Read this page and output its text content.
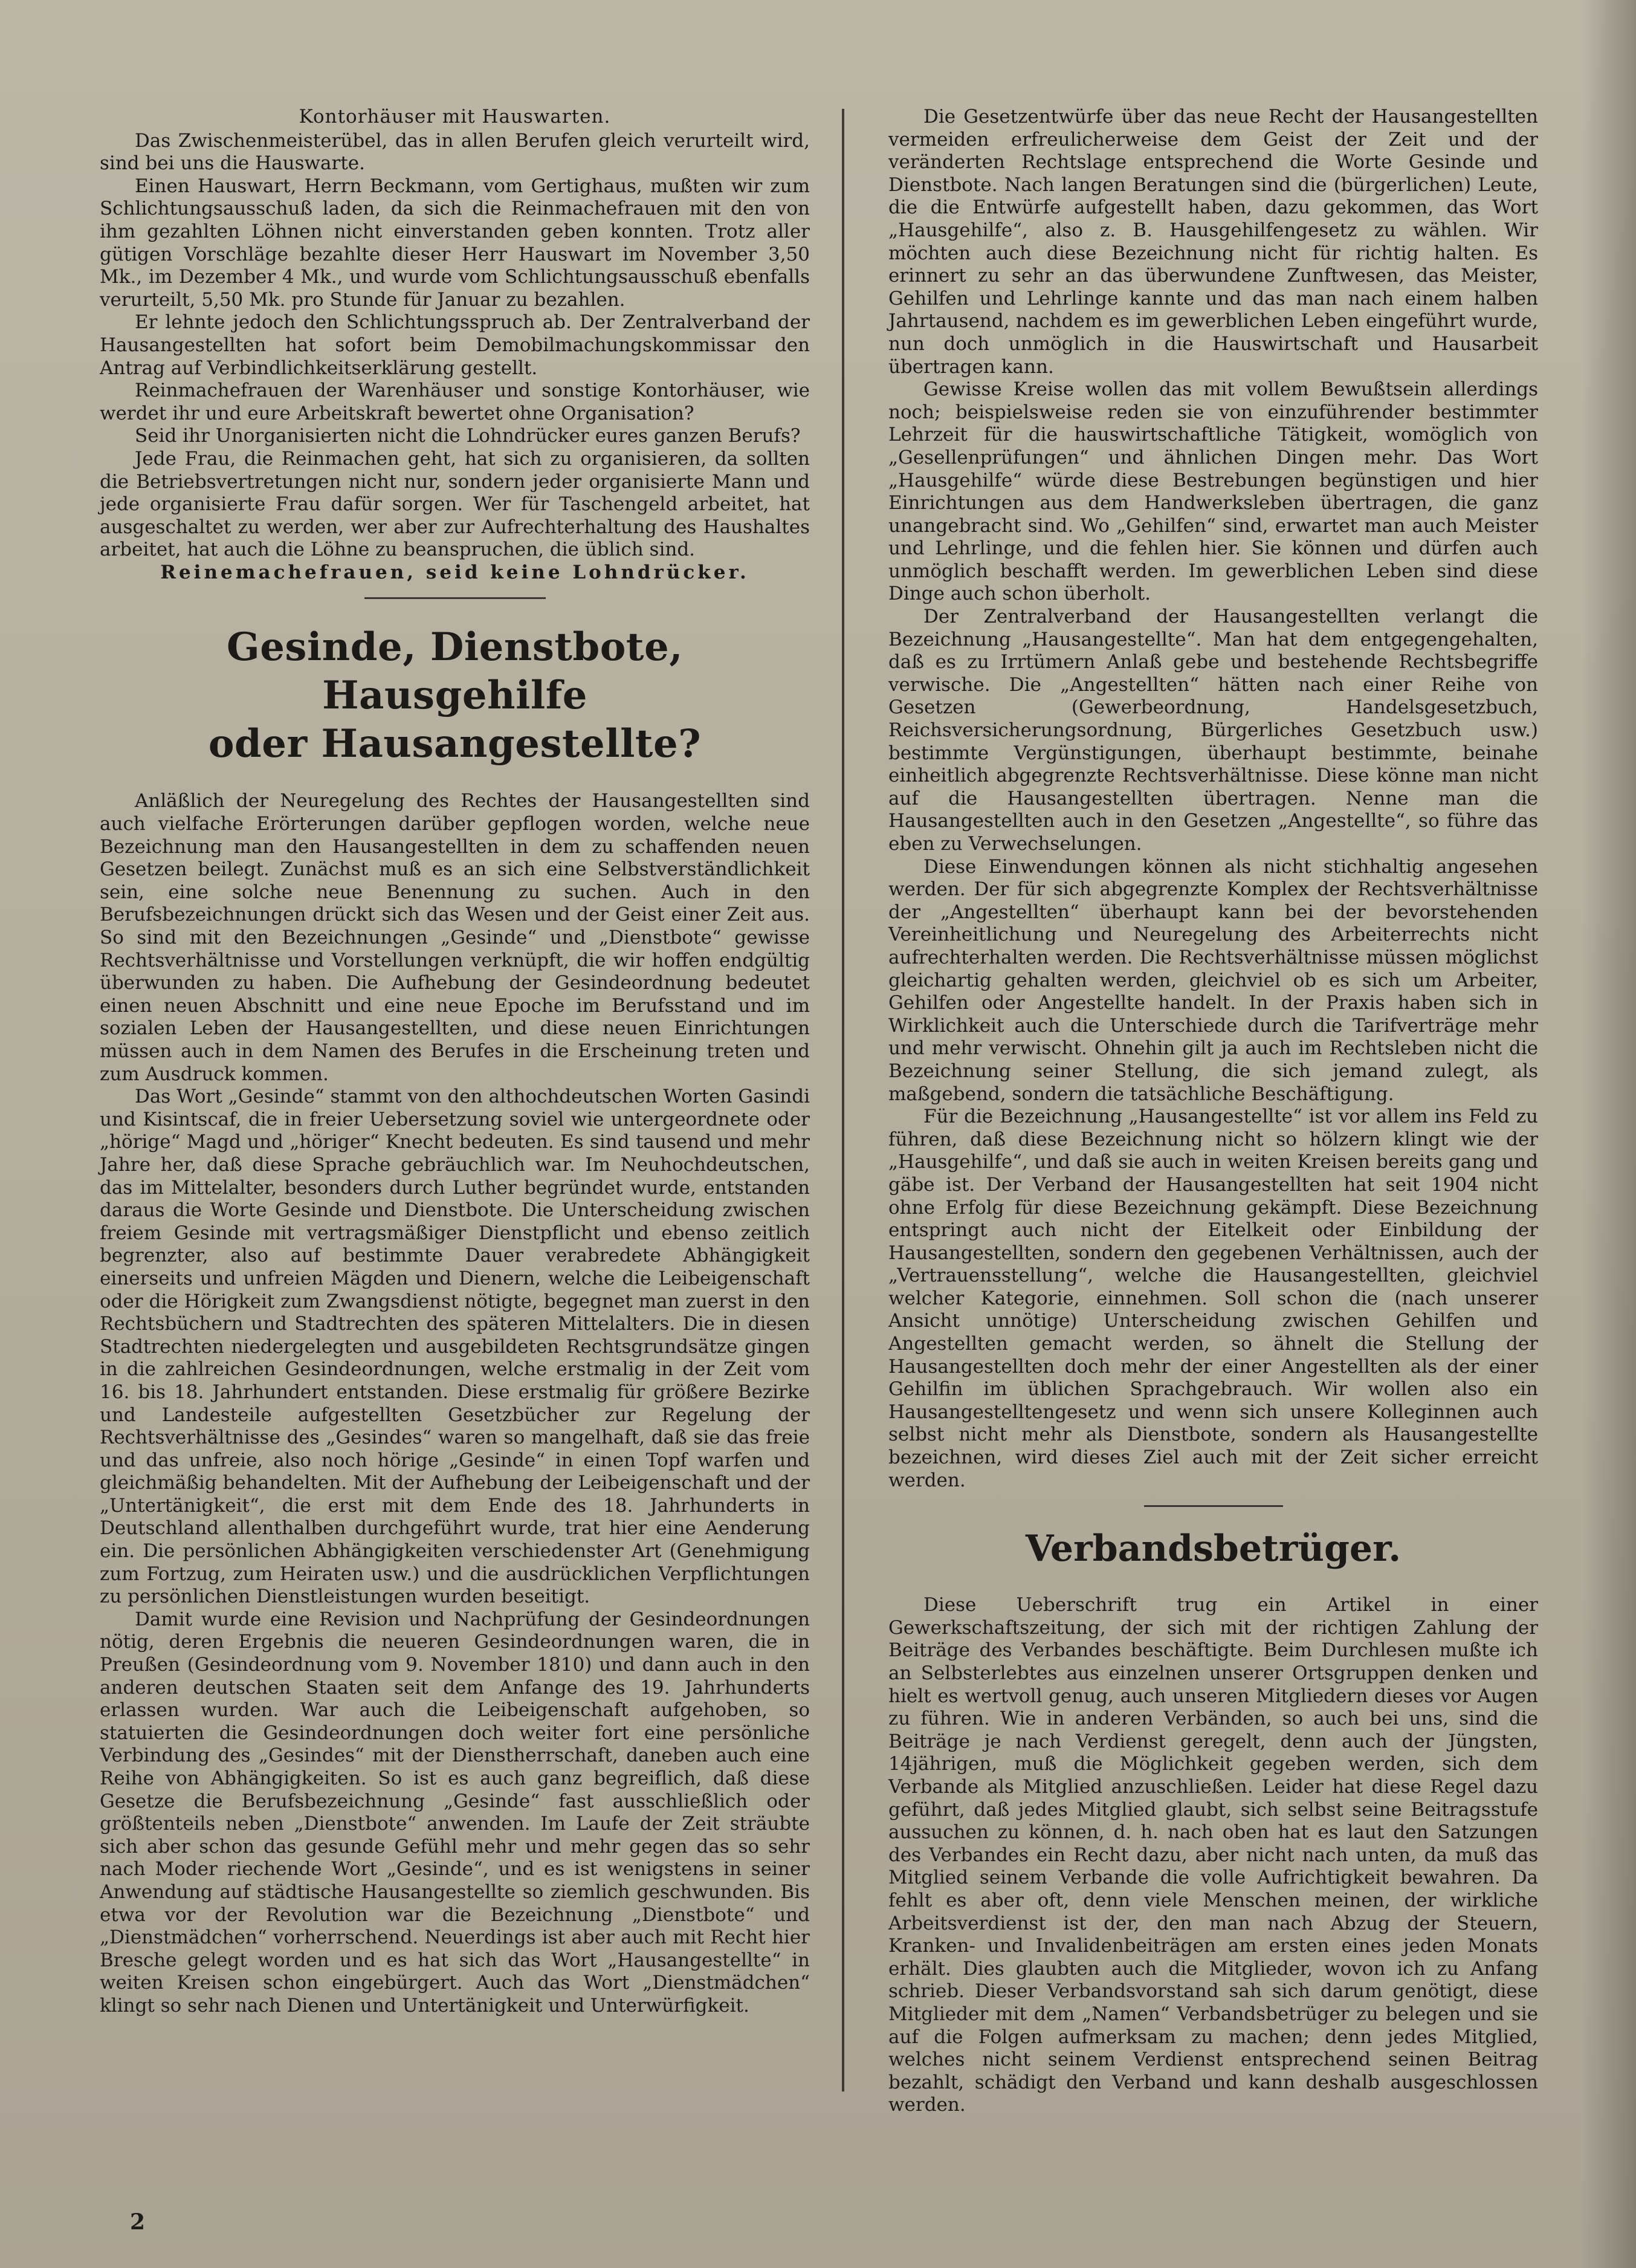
Kontorhäuser mit Hauswarten.

Das Zwischenmeisterübel, das in allen Berufen gleich verurteilt wird, sind bei uns die Hauswarte.

Einen Hauswart, Herrn Beckmann, vom Gertighaus, mußten wir zum Schlichtungsausschuß laden, da sich die Reinmachefrauen mit den von ihm gezahlten Löhnen nicht einverstanden geben konnten. Trotz aller gütigen Vorschläge bezahlte dieser Herr Hauswart im November 3,50 Mk., im Dezember 4 Mk., und wurde vom Schlichtungsausschuß ebenfalls verurteilt, 5,50 Mk. pro Stunde für Januar zu bezahlen.

Er lehnte jedoch den Schlichtungsspruch ab. Der Zentralverband der Hausangestellten hat sofort beim Demobilmachungskommissar den Antrag auf Verbindlichkeitserklärung gestellt.

Reinmachefrauen der Warenhäuser und sonstige Kontorhäuser, wie werdet ihr und eure Arbeitskraft bewertet ohne Organisation?

Seid ihr Unorganisierten nicht die Lohndrücker eures ganzen Berufs?

Jede Frau, die Reinmachen geht, hat sich zu organisieren, da sollten die Betriebsvertretungen nicht nur, sondern jeder organisierte Mann und jede organisierte Frau dafür sorgen. Wer für Taschengeld arbeitet, hat ausgeschaltet zu werden, wer aber zur Aufrechterhaltung des Haushaltes arbeitet, hat auch die Löhne zu beanspruchen, die üblich sind.

Reinemachefrauen, seid keine Lohndrücker.

Gesinde, Dienstbote, Hausgehilfe
oder Hausangestellte?

Anläßlich der Neuregelung des Rechtes der Hausangestellten sind auch vielfache Erörterungen darüber gepflogen worden, welche neue Bezeichnung man den Hausangestellten in dem zu schaffenden neuen Gesetzen beilegt. Zunächst muß es an sich eine Selbstverständlichkeit sein, eine solche neue Benennung zu suchen. Auch in den Berufsbezeichnungen drückt sich das Wesen und der Geist einer Zeit aus. So sind mit den Bezeichnungen „Gesinde“ und „Dienstbote“ gewisse Rechtsverhältnisse und Vorstellungen verknüpft, die wir hoffen endgültig überwunden zu haben. Die Aufhebung der Gesindeordnung bedeutet einen neuen Abschnitt und eine neue Epoche im Berufsstand und im sozialen Leben der Hausangestellten, und diese neuen Einrichtungen müssen auch in dem Namen des Berufes in die Erscheinung treten und zum Ausdruck kommen.

Das Wort „Gesinde“ stammt von den althochdeutschen Worten Gasindi und Kisintscaf, die in freier Uebersetzung soviel wie untergeordnete oder „hörige“ Magd und „höriger“ Knecht bedeuten. Es sind tausend und mehr Jahre her, daß diese Sprache gebräuchlich war. Im Neuhochdeutschen, das im Mittelalter, besonders durch Luther begründet wurde, entstanden daraus die Worte Gesinde und Dienstbote. Die Unterscheidung zwischen freiem Gesinde mit vertragsmäßiger Dienstpflicht und ebenso zeitlich begrenzter, also auf bestimmte Dauer verabredete Abhängigkeit einerseits und unfreien Mägden und Dienern, welche die Leibeigenschaft oder die Hörigkeit zum Zwangsdienst nötigte, begegnet man zuerst in den Rechtsbüchern und Stadtrechten des späteren Mittelalters. Die in diesen Stadtrechten niedergelegten und ausgebildeten Rechtsgrundsätze gingen in die zahlreichen Gesindeordnungen, welche erstmalig in der Zeit vom 16. bis 18. Jahrhundert entstanden. Diese erstmalig für größere Bezirke und Landesteile aufgestellten Gesetzbücher zur Regelung der Rechtsverhältnisse des „Gesindes“ waren so mangelhaft, daß sie das freie und das unfreie, also noch hörige „Gesinde“ in einen Topf warfen und gleichmäßig behandelten. Mit der Aufhebung der Leibeigenschaft und der „Untertänigkeit“, die erst mit dem Ende des 18. Jahrhunderts in Deutschland allenthalben durchgeführt wurde, trat hier eine Aenderung ein. Die persönlichen Abhängigkeiten verschiedenster Art (Genehmigung zum Fortzug, zum Heiraten usw.) und die ausdrücklichen Verpflichtungen zu persönlichen Dienstleistungen wurden beseitigt.

Damit wurde eine Revision und Nachprüfung der Gesindeordnungen nötig, deren Ergebnis die neueren Gesindeordnungen waren, die in Preußen (Gesindeordnung vom 9. November 1810) und dann auch in den anderen deutschen Staaten seit dem Anfange des 19. Jahrhunderts erlassen wurden. War auch die Leibeigenschaft aufgehoben, so statuierten die Gesindeordnungen doch weiter fort eine persönliche Verbindung des „Gesindes“ mit der Dienstherrschaft, daneben auch eine Reihe von Abhängigkeiten. So ist es auch ganz begreiflich, daß diese Gesetze die Berufsbezeichnung „Gesinde“ fast ausschließlich oder größtenteils neben „Dienstbote“ anwenden. Im Laufe der Zeit sträubte sich aber schon das gesunde Gefühl mehr und mehr gegen das so sehr nach Moder riechende Wort „Gesinde“, und es ist wenigstens in seiner Anwendung auf städtische Hausangestellte so ziemlich geschwunden. Bis etwa vor der Revolution war die Bezeichnung „Dienstbote“ und „Dienstmädchen“ vorherrschend. Neuerdings ist aber auch mit Recht hier Bresche gelegt worden und es hat sich das Wort „Hausangestellte“ in weiten Kreisen schon eingebürgert. Auch das Wort „Dienstmädchen“ klingt so sehr nach Dienen und Untertänigkeit und Unterwürfigkeit.

Die Gesetzentwürfe über das neue Recht der Hausangestellten vermeiden erfreulicherweise dem Geist der Zeit und der veränderten Rechtslage entsprechend die Worte Gesinde und Dienstbote. Nach langen Beratungen sind die (bürgerlichen) Leute, die die Entwürfe aufgestellt haben, dazu gekommen, das Wort „Hausgehilfe“, also z. B. Hausgehilfengesetz zu wählen. Wir möchten auch diese Bezeichnung nicht für richtig halten. Es erinnert zu sehr an das überwundene Zunftwesen, das Meister, Gehilfen und Lehrlinge kannte und das man nach einem halben Jahrtausend, nachdem es im gewerblichen Leben eingeführt wurde, nun doch unmöglich in die Hauswirtschaft und Hausarbeit übertragen kann.

Gewisse Kreise wollen das mit vollem Bewußtsein allerdings noch; beispielsweise reden sie von einzuführender bestimmter Lehrzeit für die hauswirtschaftliche Tätigkeit, womöglich von „Gesellenprüfungen“ und ähnlichen Dingen mehr. Das Wort „Hausgehilfe“ würde diese Bestrebungen begünstigen und hier Einrichtungen aus dem Handwerksleben übertragen, die ganz unangebracht sind. Wo „Gehilfen“ sind, erwartet man auch Meister und Lehrlinge, und die fehlen hier. Sie können und dürfen auch unmöglich beschafft werden. Im gewerblichen Leben sind diese Dinge auch schon überholt.

Der Zentralverband der Hausangestellten verlangt die Bezeichnung „Hausangestellte“. Man hat dem entgegengehalten, daß es zu Irrtümern Anlaß gebe und bestehende Rechtsbegriffe verwische. Die „Angestellten“ hätten nach einer Reihe von Gesetzen (Gewerbeordnung, Handelsgesetzbuch, Reichsversicherungsordnung, Bürgerliches Gesetzbuch usw.) bestimmte Vergünstigungen, überhaupt bestimmte, beinahe einheitlich abgegrenzte Rechtsverhältnisse. Diese könne man nicht auf die Hausangestellten übertragen. Nenne man die Hausangestellten auch in den Gesetzen „Angestellte“, so führe das eben zu Verwechselungen.

Diese Einwendungen können als nicht stichhaltig angesehen werden. Der für sich abgegrenzte Komplex der Rechtsverhältnisse der „Angestellten“ überhaupt kann bei der bevorstehenden Vereinheitlichung und Neuregelung des Arbeiterrechts nicht aufrechterhalten werden. Die Rechtsverhältnisse müssen möglichst gleichartig gehalten werden, gleichviel ob es sich um Arbeiter, Gehilfen oder Angestellte handelt. In der Praxis haben sich in Wirklichkeit auch die Unterschiede durch die Tarifverträge mehr und mehr verwischt. Ohnehin gilt ja auch im Rechtsleben nicht die Bezeichnung seiner Stellung, die sich jemand zulegt, als maßgebend, sondern die tatsächliche Beschäftigung.

Für die Bezeichnung „Hausangestellte“ ist vor allem ins Feld zu führen, daß diese Bezeichnung nicht so hölzern klingt wie der „Hausgehilfe“, und daß sie auch in weiten Kreisen bereits gang und gäbe ist. Der Verband der Hausangestellten hat seit 1904 nicht ohne Erfolg für diese Bezeichnung gekämpft. Diese Bezeichnung entspringt auch nicht der Eitelkeit oder Einbildung der Hausangestellten, sondern den gegebenen Verhältnissen, auch der „Vertrauensstellung“, welche die Hausangestellten, gleichviel welcher Kategorie, einnehmen. Soll schon die (nach unserer Ansicht unnötige) Unterscheidung zwischen Gehilfen und Angestellten gemacht werden, so ähnelt die Stellung der Hausangestellten doch mehr der einer Angestellten als der einer Gehilfin im üblichen Sprachgebrauch. Wir wollen also ein Hausangestelltengesetz und wenn sich unsere Kolleginnen auch selbst nicht mehr als Dienstbote, sondern als Hausangestellte bezeichnen, wird dieses Ziel auch mit der Zeit sicher erreicht werden.

Verbandsbetrüger.

Diese Ueberschrift trug ein Artikel in einer Gewerkschaftszeitung, der sich mit der richtigen Zahlung der Beiträge des Verbandes beschäftigte. Beim Durchlesen mußte ich an Selbsterlebtes aus einzelnen unserer Ortsgruppen denken und hielt es wertvoll genug, auch unseren Mitgliedern dieses vor Augen zu führen. Wie in anderen Verbänden, so auch bei uns, sind die Beiträge je nach Verdienst geregelt, denn auch der Jüngsten, 14jährigen, muß die Möglichkeit gegeben werden, sich dem Verbande als Mitglied anzuschließen. Leider hat diese Regel dazu geführt, daß jedes Mitglied glaubt, sich selbst seine Beitragsstufe aussuchen zu können, d. h. nach oben hat es laut den Satzungen des Verbandes ein Recht dazu, aber nicht nach unten, da muß das Mitglied seinem Verbande die volle Aufrichtigkeit bewahren. Da fehlt es aber oft, denn viele Menschen meinen, der wirkliche Arbeitsverdienst ist der, den man nach Abzug der Steuern, Kranken- und Invalidenbeiträgen am ersten eines jeden Monats erhält. Dies glaubten auch die Mitglieder, wovon ich zu Anfang schrieb. Dieser Verbandsvorstand sah sich darum genötigt, diese Mitglieder mit dem „Namen“ Verbandsbetrüger zu belegen und sie auf die Folgen aufmerksam zu machen; denn jedes Mitglied, welches nicht seinem Verdienst entsprechend seinen Beitrag bezahlt, schädigt den Verband und kann deshalb ausgeschlossen werden.

2
